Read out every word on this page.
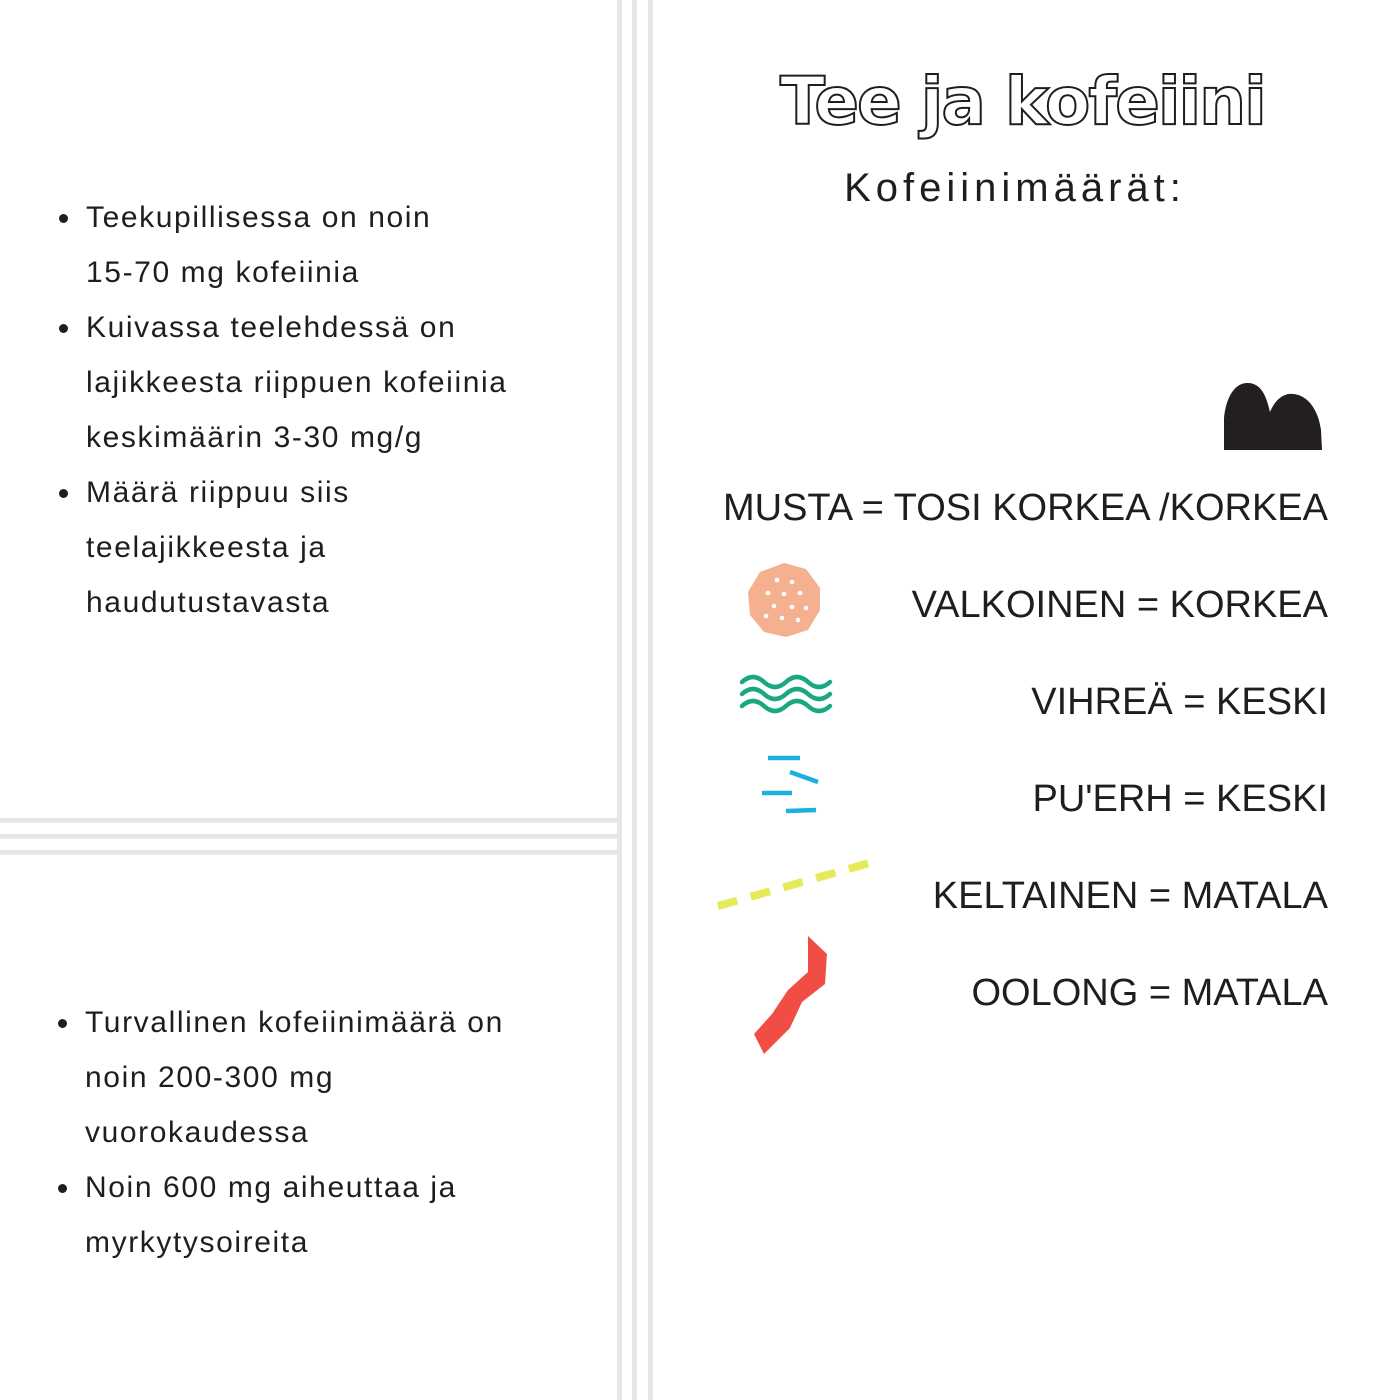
Teekupillisessa on noin
15-70 mg kofeiinia
Kuivassa teelehdessä on
lajikkeesta riippuen kofeiinia
keskimäärin 3-30 mg/g
Määrä riippuu siis
teelajikkeesta ja
haudutustavasta
Turvallinen kofeiinimäärä on
noin 200-300 mg
vuorokaudessa
Noin 600 mg aiheuttaa ja
myrkytysoireita
Tee ja kofeiini
Kofeiinimäärät:
MUSTA = TOSI KORKEA /KORKEA
VALKOINEN = KORKEA
VIHREÄ = KESKI
PU'ERH = KESKI
KELTAINEN = MATALA
OOLONG = MATALA
